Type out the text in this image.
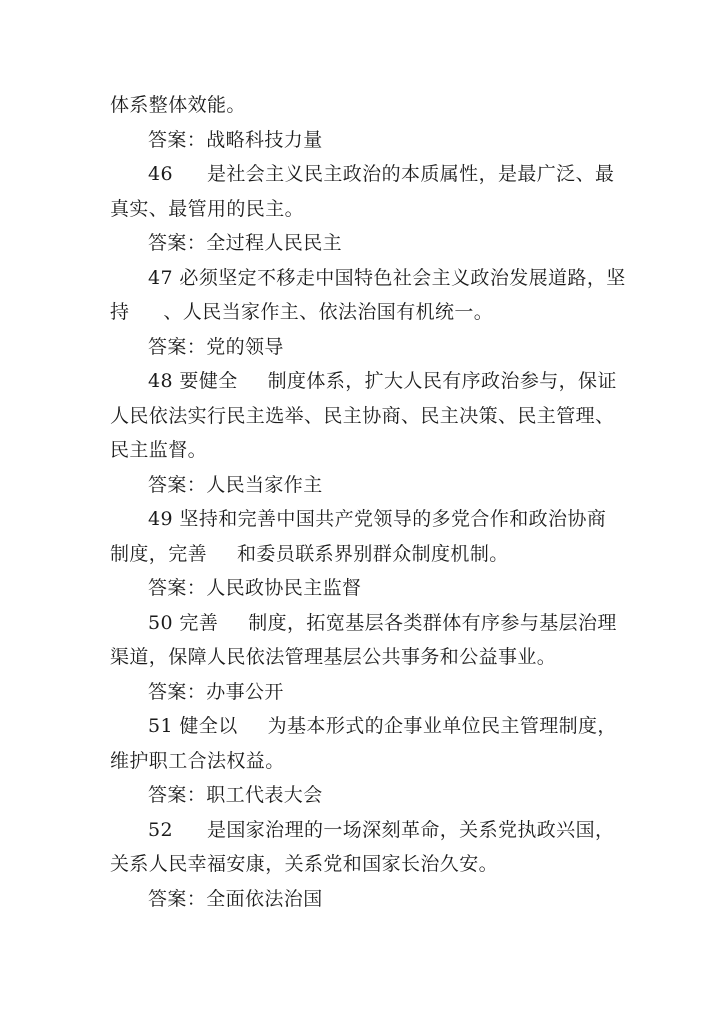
体系整体效能。
答案：战略科技力量
46 是社会主义民主政治的本质属性，是最广泛、最
真实、最管用的民主。
答案：全过程人民民主
47 必须坚定不移走中国特色社会主义政治发展道路，坚
持 、人民当家作主、依法治国有机统一。
答案：党的领导
48 要健全 制度体系，扩大人民有序政治参与，保证
人民依法实行民主选举、民主协商、民主决策、民主管理、
民主监督。
答案：人民当家作主
49 坚持和完善中国共产党领导的多党合作和政治协商
制度，完善 和委员联系界别群众制度机制。
答案：人民政协民主监督
50 完善 制度，拓宽基层各类群体有序参与基层治理
渠道，保障人民依法管理基层公共事务和公益事业。
答案：办事公开
51 健全以 为基本形式的企事业单位民主管理制度，
维护职工合法权益。
答案：职工代表大会
52 是国家治理的一场深刻革命，关系党执政兴国，
关系人民幸福安康，关系党和国家长治久安。
答案：全面依法治国
